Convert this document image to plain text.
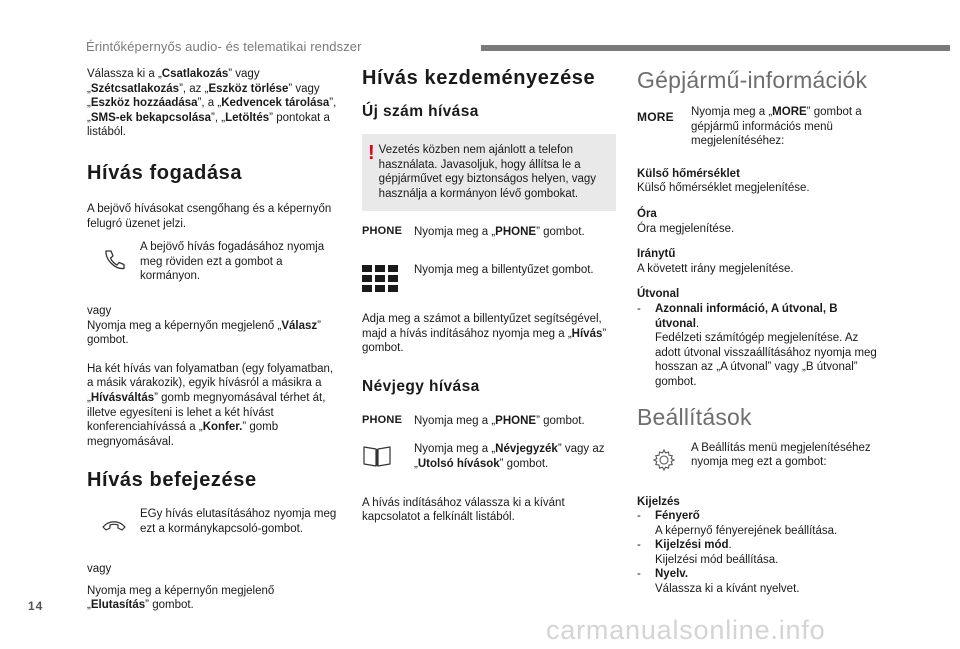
Érintőképernyős audio- és telematikai rendszer

Válassza ki a „Csatlakozás” vagy „Szétcsatlakozás”, az „Eszköz törlése” vagy „Eszköz hozzáadása”, a „Kedvencek tárolása”, „SMS-ek bekapcsolása”, „Letöltés” pontokat a listából.

Hívás fogadása

A bejövő hívásokat csengőhang és a képernyőn felugró üzenet jelzi.

A bejövő hívás fogadásához nyomja meg röviden ezt a gombot a kormányon.

vagy

Nyomja meg a képernyőn megjelenő „Válasz” gombot.

Ha két hívás van folyamatban (egy folyamatban, a másik várakozik), egyik hívásról a másikra a „Hívásváltás” gomb megnyomásával térhet át, illetve egyesíteni is lehet a két hívást konferenciahívássá a „Konfer.” gomb megnyomásával.

Hívás befejezése

EGy hívás elutasításához nyomja meg ezt a kormánykapcsoló-gombot.

vagy

Nyomja meg a képernyőn megjelenő „Elutasítás” gombot.

Hívás kezdeményezése
Új szám hívása
! Vezetés közben nem ajánlott a telefon használata. Javasoljuk, hogy állítsa le a gépjárművet egy biztonságos helyen, vagy használja a kormányon lévő gombokat.

PHONE Nyomja meg a „PHONE” gombot.

Nyomja meg a billentyűzet gombot.

Adja meg a számot a billentyűzet segítségével, majd a hívás indításához nyomja meg a „Hívás” gombot.

Névjegy hívása
PHONE Nyomja meg a „PHONE” gombot.

Nyomja meg a „Névjegyzék” vagy az „Utolsó hívások” gombot.

A hívás indításához válassza ki a kívánt kapcsolatot a felkínált listából.

Gépjármű-információk
MORE Nyomja meg a „MORE” gombot a gépjármű információs menü megjelenítéséhez:

Külső hőmérséklet

Külső hőmérséklet megjelenítése.

Óra

Óra megjelenítése.

Iránytű

A követett irány megjelenítése.

Útvonal

-	Azonnali információ, A útvonal, B útvonal.

Fedélzeti számítógép megjelenítése. Az adott útvonal visszaállításához nyomja meg hosszan az „A útvonal” vagy „B útvonal” gombot.

Beállítások

A Beállítás menü megjelenítéséhez nyomja meg ezt a gombot:

Kijelzés

-	Fényerő

A képernyő fényerejének beállítása.

-	Kijelzési mód.

Kijelzési mód beállítása.

-	Nyelv.

Válassza ki a kívánt nyelvet.

14
carmanualsonline.info
